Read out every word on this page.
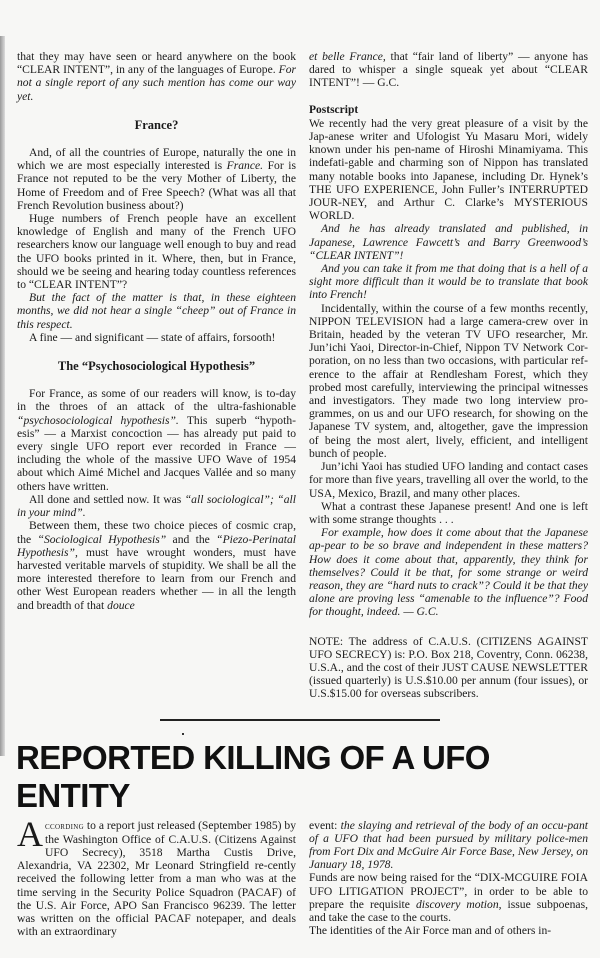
that they may have seen or heard anywhere on the book “CLEAR INTENT”, in any of the languages of Europe. For not a single report of any such mention has come our way yet.

France?

And, of all the countries of Europe, naturally the one in which we are most especially interested is France. For is France not reputed to be the very Mother of Liberty, the Home of Freedom and of Free Speech? (What was all that French Revolution business about?)

Huge numbers of French people have an excellent knowledge of English and many of the French UFO researchers know our language well enough to buy and read the UFO books printed in it. Where, then, but in France, should we be seeing and hearing today countless references to “CLEAR INTENT”?

But the fact of the matter is that, in these eighteen months, we did not hear a single “cheep” out of France in this respect.

A fine — and significant — state of affairs, forsooth!

The “Psychosociological Hypothesis”

For France, as some of our readers will know, is to-day in the throes of an attack of the ultra-fashionable “psychosociological hypothesis”. This superb “hypoth-esis” — a Marxist concoction — has already put paid to every single UFO report ever recorded in France — including the whole of the massive UFO Wave of 1954 about which Aimé Michel and Jacques Vallée and so many others have written.

All done and settled now. It was “all sociological”; “all in your mind”.

Between them, these two choice pieces of cosmic crap, the “Sociological Hypothesis” and the “Piezo-Perinatal Hypothesis”, must have wrought wonders, must have harvested veritable marvels of stupidity. We shall be all the more interested therefore to learn from our French and other West European readers whether — in all the length and breadth of that douce

et belle France, that “fair land of liberty” — anyone has dared to whisper a single squeak yet about “CLEAR INTENT”! — G.C.

Postscript

We recently had the very great pleasure of a visit by the Jap-anese writer and Ufologist Yu Masaru Mori, widely known under his pen-name of Hiroshi Minamiyama. This indefati-gable and charming son of Nippon has translated many notable books into Japanese, including Dr. Hynek’s THE UFO EXPERIENCE, John Fuller’s INTERRUPTED JOUR-NEY, and Arthur C. Clarke’s MYSTERIOUS WORLD.

And he has already translated and published, in Japanese, Lawrence Fawcett’s and Barry Greenwood’s “CLEAR INTENT”!

And you can take it from me that doing that is a hell of a sight more difficult than it would be to translate that book into French!

Incidentally, within the course of a few months recently, NIPPON TELEVISION had a large camera-crew over in Britain, headed by the veteran TV UFO researcher, Mr. Jun’ichi Yaoi, Director-in-Chief, Nippon TV Network Cor-poration, on no less than two occasions, with particular ref-erence to the affair at Rendlesham Forest, which they probed most carefully, interviewing the principal witnesses and investigators. They made two long interview pro-grammes, on us and our UFO research, for showing on the Japanese TV system, and, altogether, gave the impression of being the most alert, lively, efficient, and intelligent bunch of people.

Jun’ichi Yaoi has studied UFO landing and contact cases for more than five years, travelling all over the world, to the USA, Mexico, Brazil, and many other places.

What a contrast these Japanese present! And one is left with some strange thoughts . . .

For example, how does it come about that the Japanese ap-pear to be so brave and independent in these matters? How does it come about that, apparently, they think for themselves? Could it be that, for some strange or weird reason, they are “hard nuts to crack”? Could it be that they alone are proving less “amenable to the influence”? Food for thought, indeed. — G.C.

NOTE: The address of C.A.U.S. (CITIZENS AGAINST UFO SECRECY) is: P.O. Box 218, Coventry, Conn. 06238, U.S.A., and the cost of their JUST CAUSE NEWSLETTER (issued quarterly) is U.S.$10.00 per annum (four issues), or U.S.$15.00 for overseas subscribers.

REPORTED KILLING OF A UFO ENTITY

According to a report just released (September 1985) by the Washington Office of C.A.U.S. (Citizens Against UFO Secrecy), 3518 Martha Custis Drive, Alexandria, VA 22302, Mr Leonard Stringfield re-cently received the following letter from a man who was at the time serving in the Security Police Squadron (PACAF) of the U.S. Air Force, APO San Francisco 96239. The letter was written on the official PACAF notepaper, and deals with an extraordinary

event: the slaying and retrieval of the body of an occu-pant of a UFO that had been pursued by military police-men from Fort Dix and McGuire Air Force Base, New Jersey, on January 18, 1978.

Funds are now being raised for the “DIX-MCGUIRE FOIA UFO LITIGATION PROJECT”, in order to be able to prepare the requisite discovery motion, issue subpoenas, and take the case to the courts.

The identities of the Air Force man and of others in-
